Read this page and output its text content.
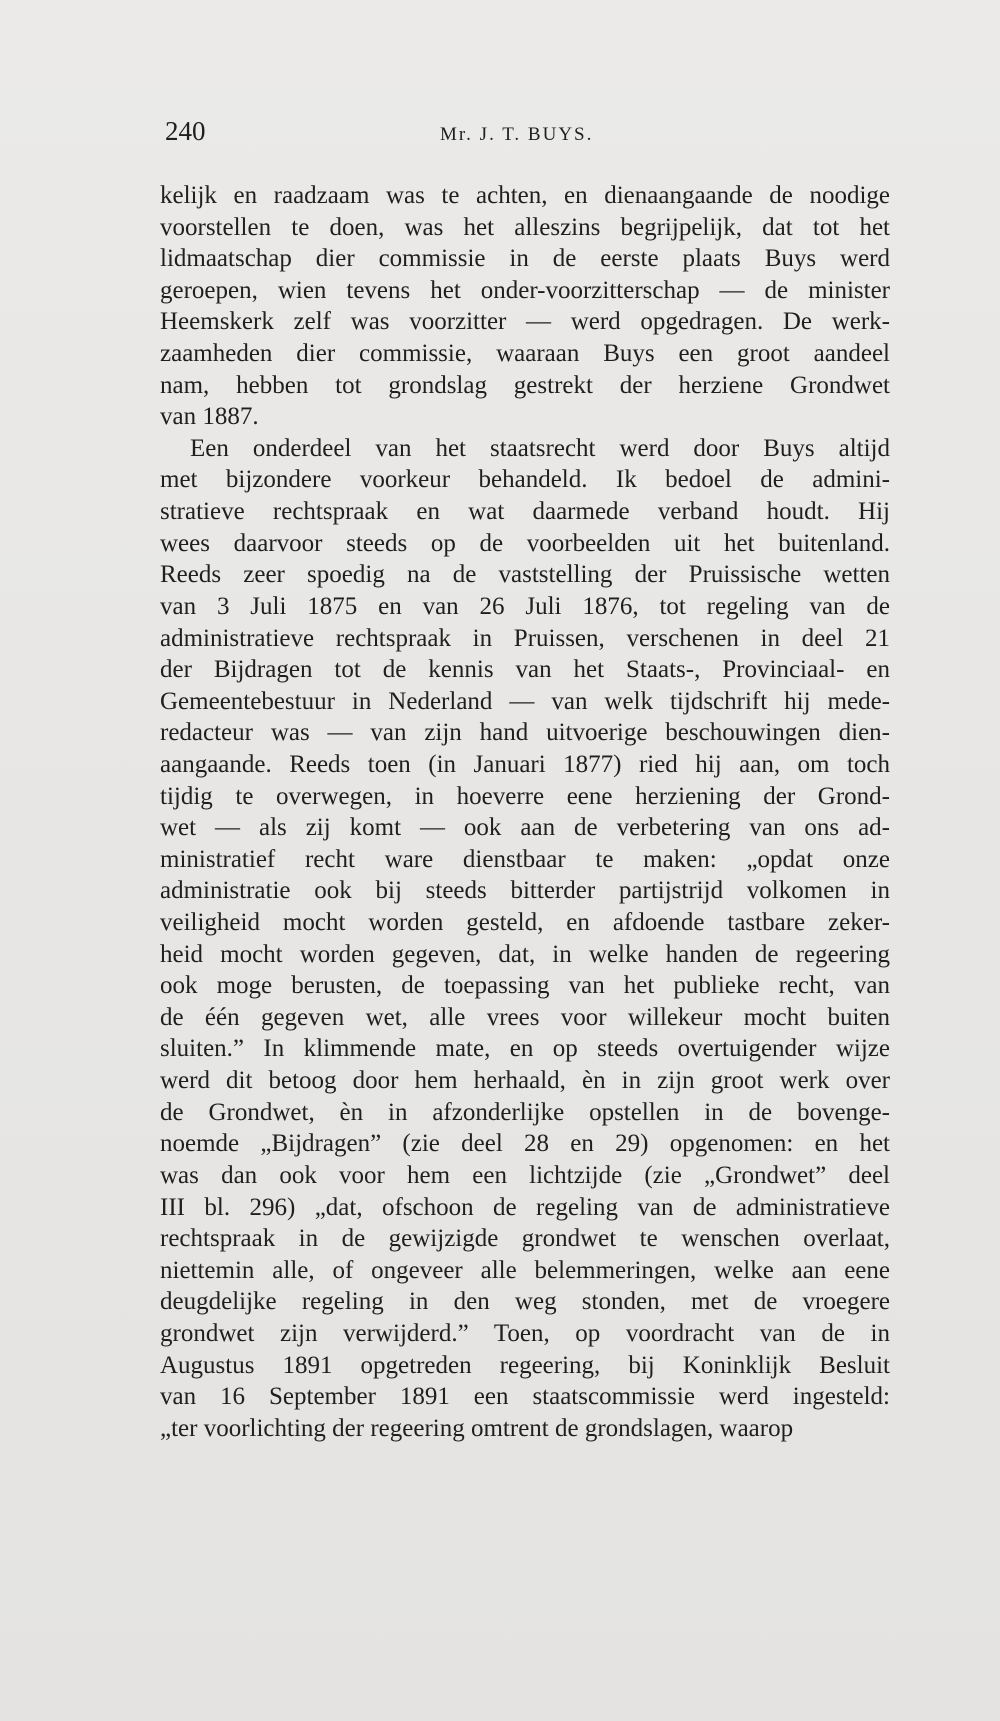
240	Mr. J. T. BUYS.
kelijk en raadzaam was te achten, en dienaangaande de noodige
voorstellen te doen, was het alleszins begrijpelijk, dat tot het
lidmaatschap dier commissie in de eerste plaats Buys werd
geroepen, wien tevens het onder-voorzitterschap — de minister
Heemskerk zelf was voorzitter — werd opgedragen. De werk-
zaamheden dier commissie, waaraan Buys een groot aandeel
nam, hebben tot grondslag gestrekt der herziene Grondwet
van 1887.
Een onderdeel van het staatsrecht werd door Buys altijd
met bijzondere voorkeur behandeld. Ik bedoel de admini-
stratieve rechtspraak en wat daarmede verband houdt. Hij
wees daarvoor steeds op de voorbeelden uit het buitenland.
Reeds zeer spoedig na de vaststelling der Pruissische wetten
van 3 Juli 1875 en van 26 Juli 1876, tot regeling van de
administratieve rechtspraak in Pruissen, verschenen in deel 21
der Bijdragen tot de kennis van het Staats-, Provinciaal- en
Gemeentebestuur in Nederland — van welk tijdschrift hij mede-
redacteur was — van zijn hand uitvoerige beschouwingen dien-
aangaande. Reeds toen (in Januari 1877) ried hij aan, om toch
tijdig te overwegen, in hoeverre eene herziening der Grond-
wet — als zij komt — ook aan de verbetering van ons ad-
ministratief recht ware dienstbaar te maken: „opdat onze
administratie ook bij steeds bitterder partijstrijd volkomen in
veiligheid mocht worden gesteld, en afdoende tastbare zeker-
heid mocht worden gegeven, dat, in welke handen de regeering
ook moge berusten, de toepassing van het publieke recht, van
de één gegeven wet, alle vrees voor willekeur mocht buiten
sluiten.” In klimmende mate, en op steeds overtuigender wijze
werd dit betoog door hem herhaald, èn in zijn groot werk over
de Grondwet, èn in afzonderlijke opstellen in de bovenge-
noemde „Bijdragen” (zie deel 28 en 29) opgenomen: en het
was dan ook voor hem een lichtzijde (zie „Grondwet” deel
III bl. 296) „dat, ofschoon de regeling van de administratieve
rechtspraak in de gewijzigde grondwet te wenschen overlaat,
niettemin alle, of ongeveer alle belemmeringen, welke aan eene
deugdelijke regeling in den weg stonden, met de vroegere
grondwet zijn verwijderd.” Toen, op voordracht van de in
Augustus 1891 opgetreden regeering, bij Koninklijk Besluit
van 16 September 1891 een staatscommissie werd ingesteld:
„ter voorlichting der regeering omtrent de grondslagen, waarop
